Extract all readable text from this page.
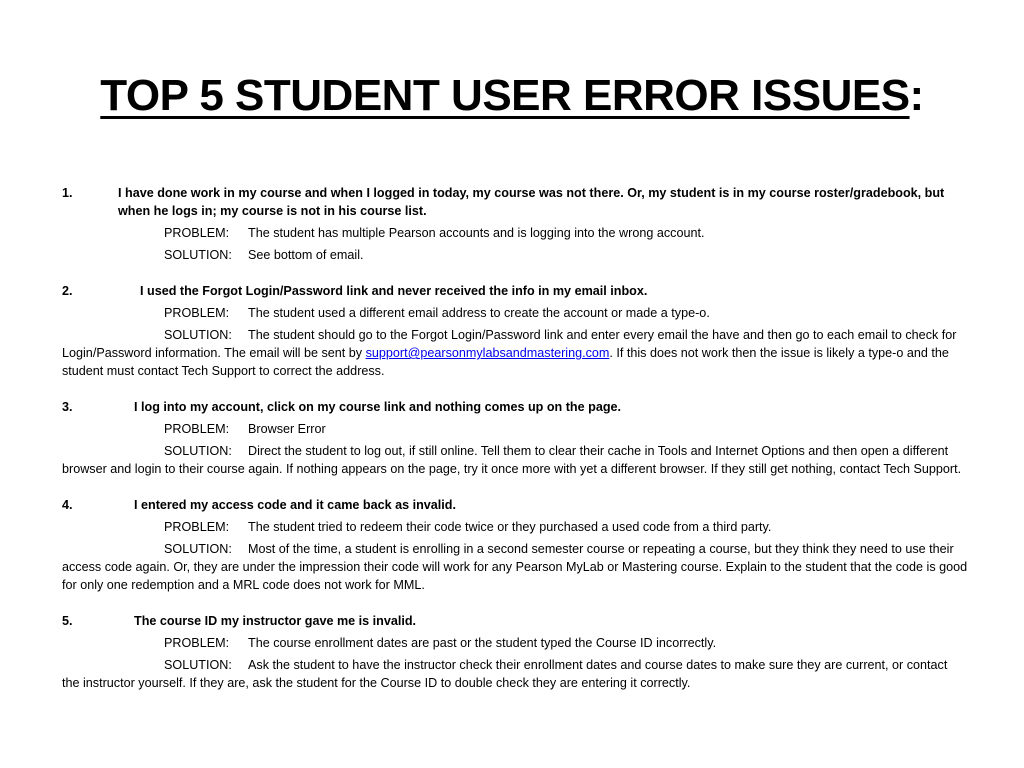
TOP 5 STUDENT USER ERROR ISSUES:
1.	I have done work in my course and when I logged in today, my course was not there. Or, my student is in my course roster/gradebook, but when he logs in; my course is not in his course list.
PROBLEM: The student has multiple Pearson accounts and is logging into the wrong account.
SOLUTION: See bottom of email.
2.	I used the Forgot Login/Password link and never received the info in my email inbox.
PROBLEM: The student used a different email address to create the account or made a type-o.
SOLUTION: The student should go to the Forgot Login/Password link and enter every email the have and then go to each email to check for Login/Password information. The email will be sent by support@pearsonmylabsandmastering.com. If this does not work then the issue is likely a type-o and the student must contact Tech Support to correct the address.
3.	I log into my account, click on my course link and nothing comes up on the page.
PROBLEM: Browser Error
SOLUTION: Direct the student to log out, if still online. Tell them to clear their cache in Tools and Internet Options and then open a different browser and login to their course again. If nothing appears on the page, try it once more with yet a different browser. If they still get nothing, contact Tech Support.
4.	I entered my access code and it came back as invalid.
PROBLEM: The student tried to redeem their code twice or they purchased a used code from a third party.
SOLUTION: Most of the time, a student is enrolling in a second semester course or repeating a course, but they think they need to use their access code again. Or, they are under the impression their code will work for any Pearson MyLab or Mastering course. Explain to the student that the code is good for only one redemption and a MRL code does not work for MML.
5.	The course ID my instructor gave me is invalid.
PROBLEM: The course enrollment dates are past or the student typed the Course ID incorrectly.
SOLUTION: Ask the student to have the instructor check their enrollment dates and course dates to make sure they are current, or contact the instructor yourself. If they are, ask the student for the Course ID to double check they are entering it correctly.
